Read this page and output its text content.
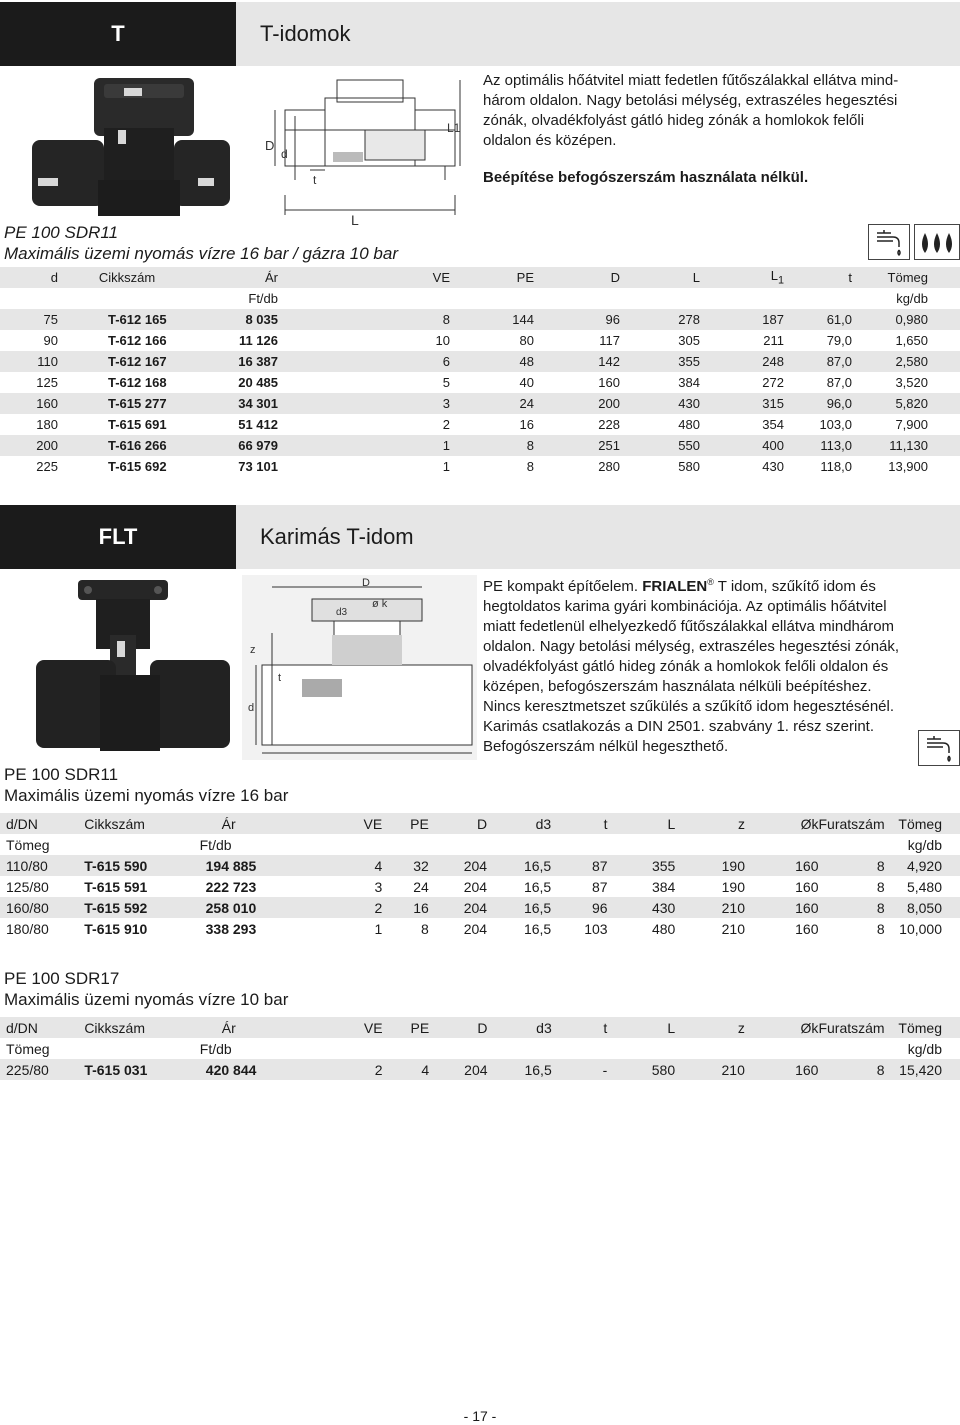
T	T-idomok
D
d
L1
t
L
Az optimális hőátvitel miatt fedetlen fűtőszálakkal ellátva mind-
három oldalon. Nagy betolási mélység, extraszéles hegesztési
zónák, olvadékfolyást gátló hideg zónák a homlokok felőli
oldalon és középen.
Beépítése befogószerszám használata nélkül.
PE 100 SDR11
Maximális üzemi nyomás vízre 16 bar / gázra 10 bar
d	Cikkszám	Ár	VE	PE	D	L	$L_1$	t	Tömeg
		Ft/db							kg/db
75	T-612 165	8 035	8	144	96	278	187	61,0	0,980
90	T-612 166	11 126	10	80	117	305	211	79,0	1,650
110	T-612 167	16 387	6	48	142	355	248	87,0	2,580
125	T-612 168	20 485	5	40	160	384	272	87,0	3,520
160	T-615 277	34 301	3	24	200	430	315	96,0	5,820
180	T-615 691	51 412	2	16	228	480	354	103,0	7,900
200	T-616 266	66 979	1	8	251	550	400	113,0	11,130
225	T-615 692	73 101	1	8	280	580	430	118,0	13,900
FLT	Karimás T-idom
D
ø k
d3
z
t
d
PE kompakt építőelem. FRIALEN® T idom, szűkítő idom és
hegtoldatos karima gyári kombinációja. Az optimális hőátvitel
miatt fedetlenül elhelyezkedő fűtőszálakkal ellátva mindhárom
oldalon. Nagy betolási mélység, extraszéles hegesztési zónák,
olvadékfolyást gátló hideg zónák a homlokok felőli oldalon és
középen, befogószerszám használata nélküli beépítéshez.
Nincs keresztmetszet szűkülés a szűkítő idom hegesztésénél.
Karimás csatlakozás a DIN 2501. szabvány 1. rész szerint.
Befogószerszám nélkül hegeszthető.
PE 100 SDR11
Maximális üzemi nyomás vízre 16 bar
d/DN	Cikkszám	Ár	VE	PE	D	d3	t	L	z	Øk	Furatszám	Tömeg
Tömeg		Ft/db										kg/db
110/80	T-615 590	194 885	4	32	204	16,5	87	355	190	160	8	4,920
125/80	T-615 591	222 723	3	24	204	16,5	87	384	190	160	8	5,480
160/80	T-615 592	258 010	2	16	204	16,5	96	430	210	160	8	8,050
180/80	T-615 910	338 293	1	8	204	16,5	103	480	210	160	8	10,000
PE 100 SDR17
Maximális üzemi nyomás vízre 10 bar
d/DN	Cikkszám	Ár	VE	PE	D	d3	t	L	z	Øk	Furatszám	Tömeg
Tömeg		Ft/db										kg/db
225/80	T-615 031	420 844	2	4	204	16,5	-	580	210	160	8	15,420
- 17 -
